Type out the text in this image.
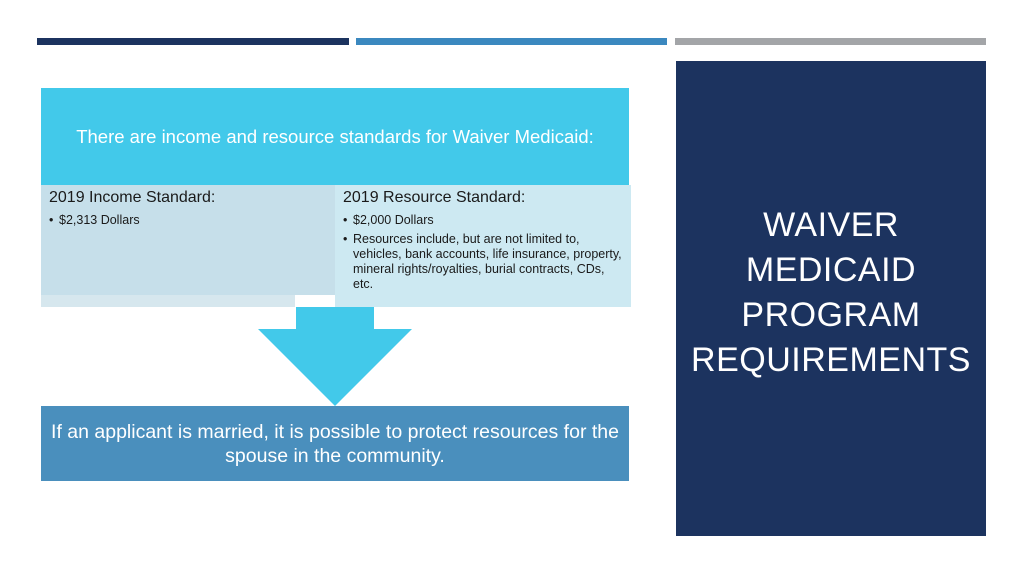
There are income and resource standards for Waiver Medicaid:
2019 Income Standard:
• $2,313 Dollars
2019 Resource Standard:
• $2,000 Dollars
• Resources include, but are not limited to, vehicles, bank accounts, life insurance, property, mineral rights/royalties, burial contracts, CDs, etc.
If an applicant is married, it is possible to protect resources for the spouse in the community.
WAIVER MEDICAID PROGRAM REQUIREMENTS
